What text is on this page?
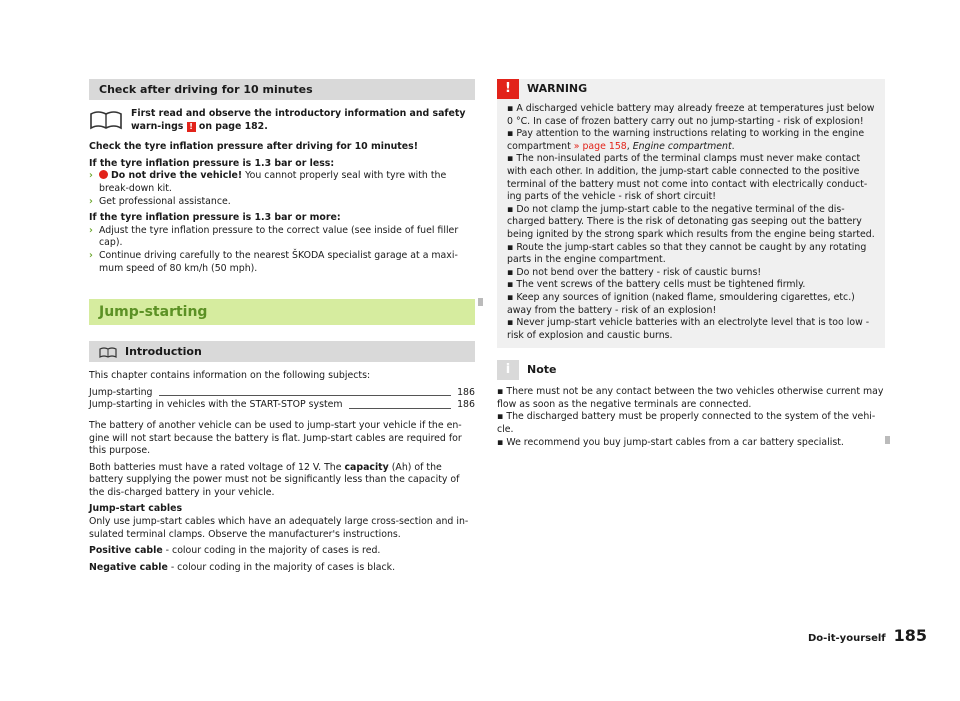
Check after driving for 10 minutes
First read and observe the introductory information and safety warn-ings ! on page 182.

Check the tyre inflation pressure after driving for 10 minutes!

If the tyre inflation pressure is 1.3 bar or less:

›	Do not drive the vehicle! You cannot properly seal with tyre with the break-down kit.
› Get professional assistance.

If the tyre inflation pressure is 1.3 bar or more:

› Adjust the tyre inflation pressure to the correct value (see inside of fuel filler cap).
› Continue driving carefully to the nearest ŠKODA specialist garage at a maxi-mum speed of 80 km/h (50 mph).
Jump-starting
Introduction

This chapter contains information on the following subjects:

Jump-starting	186
Jump-starting in vehicles with the START-STOP system	186

The battery of another vehicle can be used to jump-start your vehicle if the en-gine will not start because the battery is flat. Jump-start cables are required for this purpose.

Both batteries must have a rated voltage of 12 V. The capacity (Ah) of the battery supplying the power must not be significantly less than the capacity of the dis-charged battery in your vehicle.

Jump-start cables

Only use jump-start cables which have an adequately large cross-section and in-sulated terminal clamps. Observe the manufacturer's instructions.

Positive cable - colour coding in the majority of cases is red.

Negative cable - colour coding in the majority of cases is black.

!	WARNING

▪ A discharged vehicle battery may already freeze at temperatures just below 0 °C. In case of frozen battery carry out no jump-starting - risk of explosion!

▪ Pay attention to the warning instructions relating to working in the engine compartment » page 158, Engine compartment.

▪ The non-insulated parts of the terminal clamps must never make contact with each other. In addition, the jump-start cable connected to the positive terminal of the battery must not come into contact with electrically conduct-ing parts of the vehicle - risk of short circuit!

▪ Do not clamp the jump-start cable to the negative terminal of the dis-charged battery. There is the risk of detonating gas seeping out the battery being ignited by the strong spark which results from the engine being started.

▪ Route the jump-start cables so that they cannot be caught by any rotating parts in the engine compartment.

▪ Do not bend over the battery - risk of caustic burns!

▪ The vent screws of the battery cells must be tightened firmly.

▪ Keep any sources of ignition (naked flame, smouldering cigarettes, etc.) away from the battery - risk of an explosion!

▪ Never jump-start vehicle batteries with an electrolyte level that is too low - risk of explosion and caustic burns.

i	Note

▪ There must not be any contact between the two vehicles otherwise current may flow as soon as the negative terminals are connected.

▪ The discharged battery must be properly connected to the system of the vehi-cle.

▪ We recommend you buy jump-start cables from a car battery specialist.

Do-it-yourself 185
